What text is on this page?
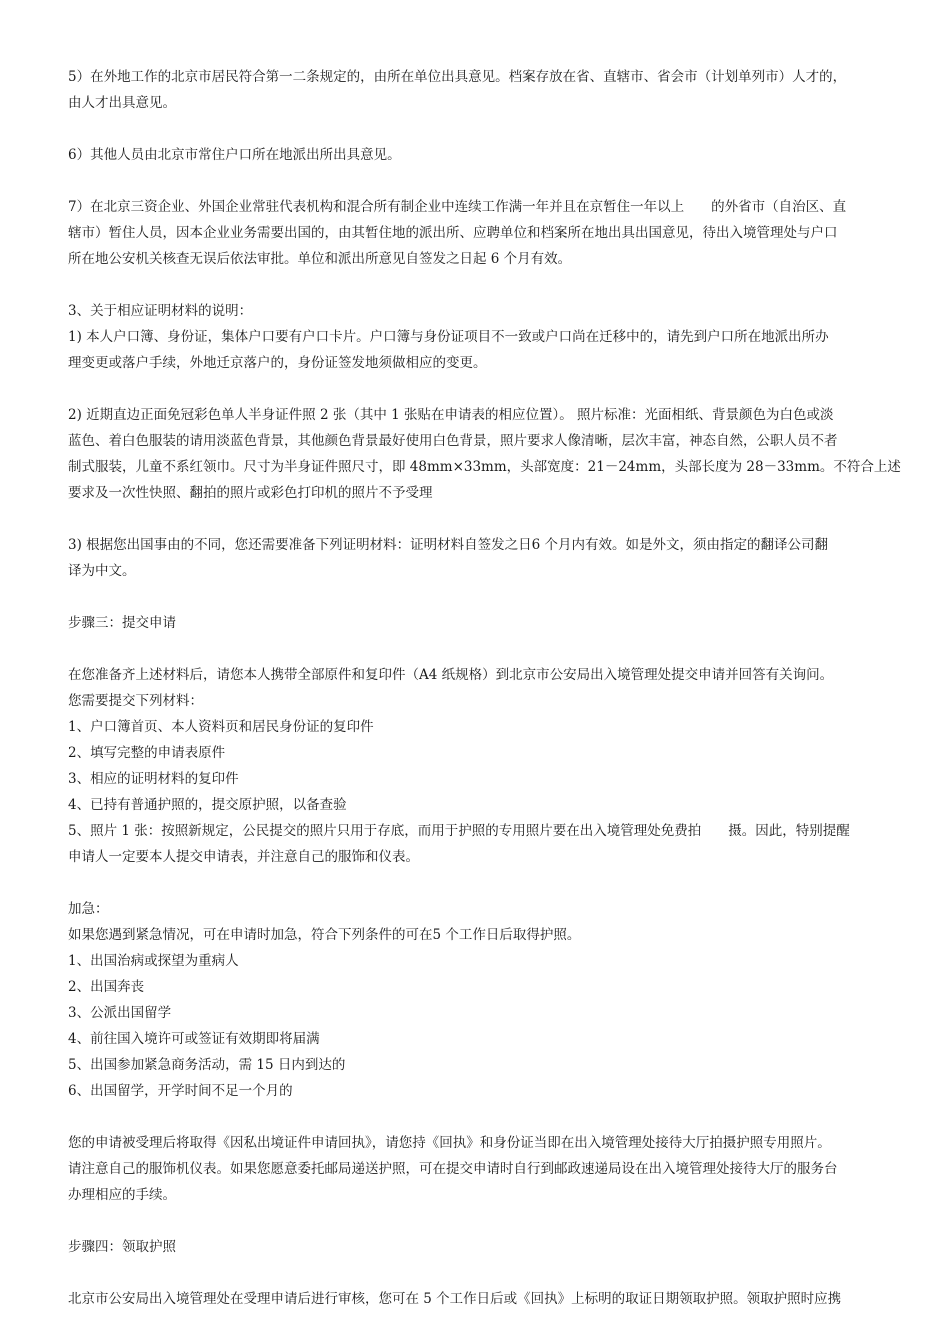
5）在外地工作的北京市居民符合第一二条规定的，由所在单位出具意见。档案存放在省、直辖市、省会市（计划单列市）人才的，
由人才出具意见。
6）其他人员由北京市常住户口所在地派出所出具意见。
7）在北京三资企业、外国企业常驻代表机构和混合所有制企业中连续工作满一年并且在京暂住一年以上　　的外省市（自治区、直
辖市）暂住人员，因本企业业务需要出国的，由其暂住地的派出所、应聘单位和档案所在地出具出国意见，待出入境管理处与户口
所在地公安机关核查无误后依法审批。单位和派出所意见自签发之日起 6 个月有效。
3、关于相应证明材料的说明：
1) 本人户口簿、身份证，集体户口要有户口卡片。户口簿与身份证项目不一致或户口尚在迁移中的，请先到户口所在地派出所办
理变更或落户手续，外地迁京落户的，身份证签发地须做相应的变更。
2) 近期直边正面免冠彩色单人半身证件照 2 张（其中 1 张贴在申请表的相应位置）。 照片标准：光面相纸、背景颜色为白色或淡
蓝色、着白色服装的请用淡蓝色背景，其他颜色背景最好使用白色背景，照片要求人像清晰，层次丰富，神态自然，公职人员不者
制式服装，儿童不系红领巾。尺寸为半身证件照尺寸，即 48mm×33mm，头部宽度：21－24mm，头部长度为 28－33mm。不符合上述
要求及一次性快照、翻拍的照片或彩色打印机的照片不予受理
3) 根据您出国事由的不同，您还需要准备下列证明材料：证明材料自签发之日6 个月内有效。如是外文，须由指定的翻译公司翻
译为中文。
步骤三：提交申请
在您准备齐上述材料后，请您本人携带全部原件和复印件（A4 纸规格）到北京市公安局出入境管理处提交申请并回答有关询问。
您需要提交下列材料：
1、户口簿首页、本人资料页和居民身份证的复印件
2、填写完整的申请表原件
3、相应的证明材料的复印件
4、已持有普通护照的，提交原护照，以备查验
5、照片 1 张：按照新规定，公民提交的照片只用于存底，而用于护照的专用照片要在出入境管理处免费拍　　摄。因此，特别提醒
申请人一定要本人提交申请表，并注意自己的服饰和仪表。
加急：
如果您遇到紧急情况，可在申请时加急，符合下列条件的可在5 个工作日后取得护照。
1、出国治病或探望为重病人
2、出国奔丧
3、公派出国留学
4、前往国入境许可或签证有效期即将届满
5、出国参加紧急商务活动，需 15 日内到达的
6、出国留学，开学时间不足一个月的
您的申请被受理后将取得《因私出境证件申请回执》，请您持《回执》和身份证当即在出入境管理处接待大厅拍摄护照专用照片。
请注意自己的服饰机仪表。如果您愿意委托邮局递送护照，可在提交申请时自行到邮政速递局设在出入境管理处接待大厅的服务台
办理相应的手续。
步骤四：领取护照
北京市公安局出入境管理处在受理申请后进行审核，您可在 5 个工作日后或《回执》上标明的取证日期领取护照。领取护照时应携
